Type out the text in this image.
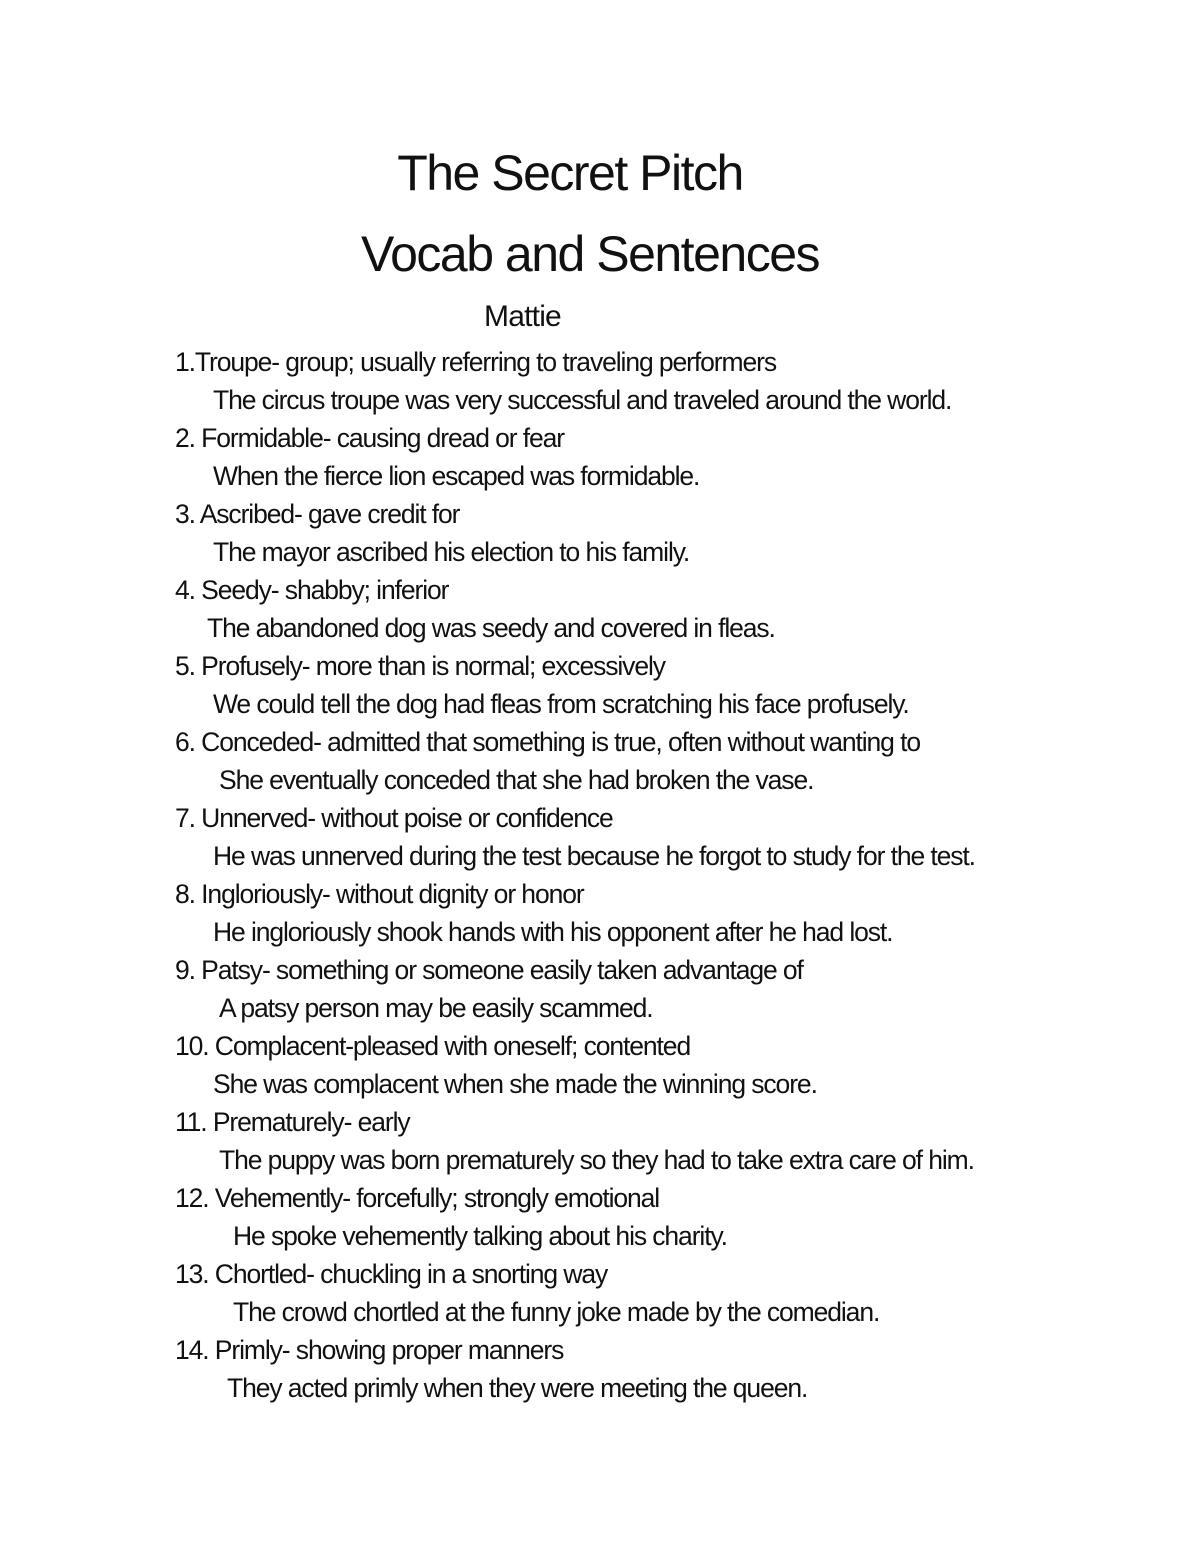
The Secret Pitch
Vocab and Sentences
Mattie
1.Troupe- group; usually referring to traveling performers
The circus troupe was very successful and traveled around the world.
2. Formidable- causing dread or fear
When the fierce lion escaped was formidable.
3. Ascribed- gave credit for
The mayor ascribed his election to his family.
4. Seedy- shabby; inferior
The abandoned dog was seedy and covered in fleas.
5. Profusely- more than is normal; excessively
We could tell the dog had fleas from scratching his face profusely.
6. Conceded- admitted that something is true, often without wanting to
She eventually conceded that she had broken the vase.
7. Unnerved- without poise or confidence
He was unnerved during the test because he forgot to study for the test.
8. Ingloriously- without dignity or honor
He ingloriously shook hands with his opponent after he had lost.
9. Patsy- something or someone easily taken advantage of
A patsy person may be easily scammed.
10. Complacent-pleased with oneself; contented
She was complacent when she made the winning score.
11. Prematurely- early
The puppy was born prematurely so they had to take extra care of him.
12. Vehemently- forcefully; strongly emotional
He spoke vehemently talking about his charity.
13. Chortled- chuckling in a snorting way
The crowd chortled at the funny joke made by the comedian.
14. Primly- showing proper manners
They acted primly when they were meeting the queen.
